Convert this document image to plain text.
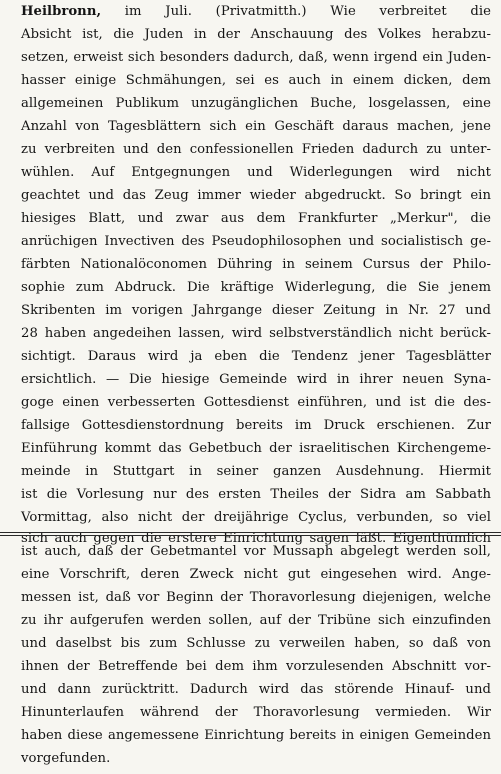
Heilbronn, im Juli. (Privatmitth.) Wie verbreitet die
Absicht ist, die Juden in der Anschauung des Volkes herabzu-
setzen, erweist sich besonders dadurch, daß, wenn irgend ein Juden-
hasser einige Schmähungen, sei es auch in einem dicken, dem
allgemeinen Publikum unzugänglichen Buche, losgelassen, eine
Anzahl von Tagesblättern sich ein Geschäft daraus machen, jene
zu verbreiten und den confessionellen Frieden dadurch zu unter-
wühlen. Auf Entgegnungen und Widerlegungen wird nicht
geachtet und das Zeug immer wieder abgedruckt. So bringt ein
hiesiges Blatt, und zwar aus dem Frankfurter „Merkur", die
anrüchigen Invectiven des Pseudophilosophen und socialistisch ge-
färbten Nationalöconomen Dühring in seinem Cursus der Philo-
sophie zum Abdruck. Die kräftige Widerlegung, die Sie jenem
Skribenten im vorigen Jahrgange dieser Zeitung in Nr. 27 und
28 haben angedeihen lassen, wird selbstverständlich nicht berück-
sichtigt. Daraus wird ja eben die Tendenz jener Tagesblätter
ersichtlich. — Die hiesige Gemeinde wird in ihrer neuen Syna-
goge einen verbesserten Gottesdienst einführen, und ist die des-
fallsige Gottesdienstordnung bereits im Druck erschienen. Zur
Einführung kommt das Gebetbuch der israelitischen Kirchengeme-
meinde in Stuttgart in seiner ganzen Ausdehnung. Hiermit
ist die Vorlesung nur des ersten Theiles der Sidra am Sabbath
Vormittag, also nicht der dreijährige Cyclus, verbunden, so viel
sich auch gegen die erstere Einrichtung sagen läßt. Eigenthümlich
ist auch, daß der Gebetmantel vor Mussaph abgelegt werden soll,
eine Vorschrift, deren Zweck nicht gut eingesehen wird. Ange-
messen ist, daß vor Beginn der Thoravorlesung diejenigen, welche
zu ihr aufgerufen werden sollen, auf der Tribüne sich einzufinden
und daselbst bis zum Schlusse zu verweilen haben, so daß von
ihnen der Betreffende bei dem ihm vorzulesenden Abschnitt vor-
und dann zurücktritt. Dadurch wird das störende Hinauf- und
Hinunterlaufen während der Thoravorlesung vermieden. Wir
haben diese angemessene Einrichtung bereits in einigen Gemeinden
vorgefunden.
